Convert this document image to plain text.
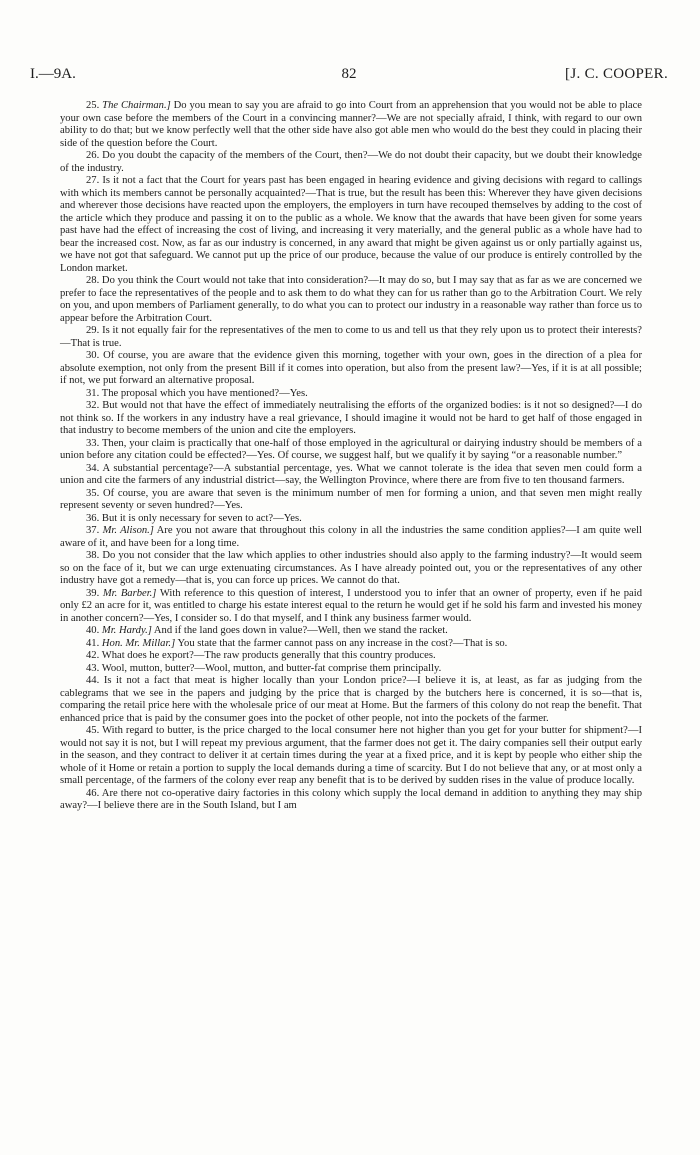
I.—9A.	82	[J. C. COOPER.

25. The Chairman.] Do you mean to say you are afraid to go into Court from an apprehension that you would not be able to place your own case before the members of the Court in a convincing manner?—We are not specially afraid, I think, with regard to our own ability to do that; but we know perfectly well that the other side have also got able men who would do the best they could in placing their side of the question before the Court.

26. Do you doubt the capacity of the members of the Court, then?—We do not doubt their capacity, but we doubt their knowledge of the industry.

27. Is it not a fact that the Court for years past has been engaged in hearing evidence and giving decisions with regard to callings with which its members cannot be personally acquainted?—That is true, but the result has been this: Wherever they have given decisions and wherever those decisions have reacted upon the employers, the employers in turn have recouped themselves by adding to the cost of the article which they produce and passing it on to the public as a whole. We know that the awards that have been given for some years past have had the effect of increasing the cost of living, and increasing it very materially, and the general public as a whole have had to bear the increased cost. Now, as far as our industry is concerned, in any award that might be given against us or only partially against us, we have not got that safeguard. We cannot put up the price of our produce, because the value of our produce is entirely controlled by the London market.

28. Do you think the Court would not take that into consideration?—It may do so, but I may say that as far as we are concerned we prefer to face the representatives of the people and to ask them to do what they can for us rather than go to the Arbitration Court. We rely on you, and upon members of Parliament generally, to do what you can to protect our industry in a reasonable way rather than force us to appear before the Arbitration Court.

29. Is it not equally fair for the representatives of the men to come to us and tell us that they rely upon us to protect their interests?—That is true.

30. Of course, you are aware that the evidence given this morning, together with your own, goes in the direction of a plea for absolute exemption, not only from the present Bill if it comes into operation, but also from the present law?—Yes, if it is at all possible; if not, we put forward an alternative proposal.

31. The proposal which you have mentioned?—Yes.

32. But would not that have the effect of immediately neutralising the efforts of the organized bodies: is it not so designed?—I do not think so. If the workers in any industry have a real grievance, I should imagine it would not be hard to get half of those engaged in that industry to become members of the union and cite the employers.

33. Then, your claim is practically that one-half of those employed in the agricultural or dairying industry should be members of a union before any citation could be effected?—Yes. Of course, we suggest half, but we qualify it by saying “or a reasonable number.”

34. A substantial percentage?—A substantial percentage, yes. What we cannot tolerate is the idea that seven men could form a union and cite the farmers of any industrial district—say, the Wellington Province, where there are from five to ten thousand farmers.

35. Of course, you are aware that seven is the minimum number of men for forming a union, and that seven men might really represent seventy or seven hundred?—Yes.

36. But it is only necessary for seven to act?—Yes.

37. Mr. Alison.] Are you not aware that throughout this colony in all the industries the same condition applies?—I am quite well aware of it, and have been for a long time.

38. Do you not consider that the law which applies to other industries should also apply to the farming industry?—It would seem so on the face of it, but we can urge extenuating circumstances. As I have already pointed out, you or the representatives of any other industry have got a remedy—that is, you can force up prices. We cannot do that.

39. Mr. Barber.] With reference to this question of interest, I understood you to infer that an owner of property, even if he paid only £2 an acre for it, was entitled to charge his estate interest equal to the return he would get if he sold his farm and invested his money in another concern?—Yes, I consider so. I do that myself, and I think any business farmer would.

40. Mr. Hardy.] And if the land goes down in value?—Well, then we stand the racket.

41. Hon. Mr. Millar.] You state that the farmer cannot pass on any increase in the cost?—That is so.

42. What does he export?—The raw products generally that this country produces.

43. Wool, mutton, butter?—Wool, mutton, and butter-fat comprise them principally.

44. Is it not a fact that meat is higher locally than your London price?—I believe it is, at least, as far as judging from the cablegrams that we see in the papers and judging by the price that is charged by the butchers here is concerned, it is so—that is, comparing the retail price here with the wholesale price of our meat at Home. But the farmers of this colony do not reap the benefit. That enhanced price that is paid by the consumer goes into the pocket of other people, not into the pockets of the farmer.

45. With regard to butter, is the price charged to the local consumer here not higher than you get for your butter for shipment?—I would not say it is not, but I will repeat my previous argument, that the farmer does not get it. The dairy companies sell their output early in the season, and they contract to deliver it at certain times during the year at a fixed price, and it is kept by people who either ship the whole of it Home or retain a portion to supply the local demands during a time of scarcity. But I do not believe that any, or at most only a small percentage, of the farmers of the colony ever reap any benefit that is to be derived by sudden rises in the value of produce locally.

46. Are there not co-operative dairy factories in this colony which supply the local demand in addition to anything they may ship away?—I believe there are in the South Island, but I am
